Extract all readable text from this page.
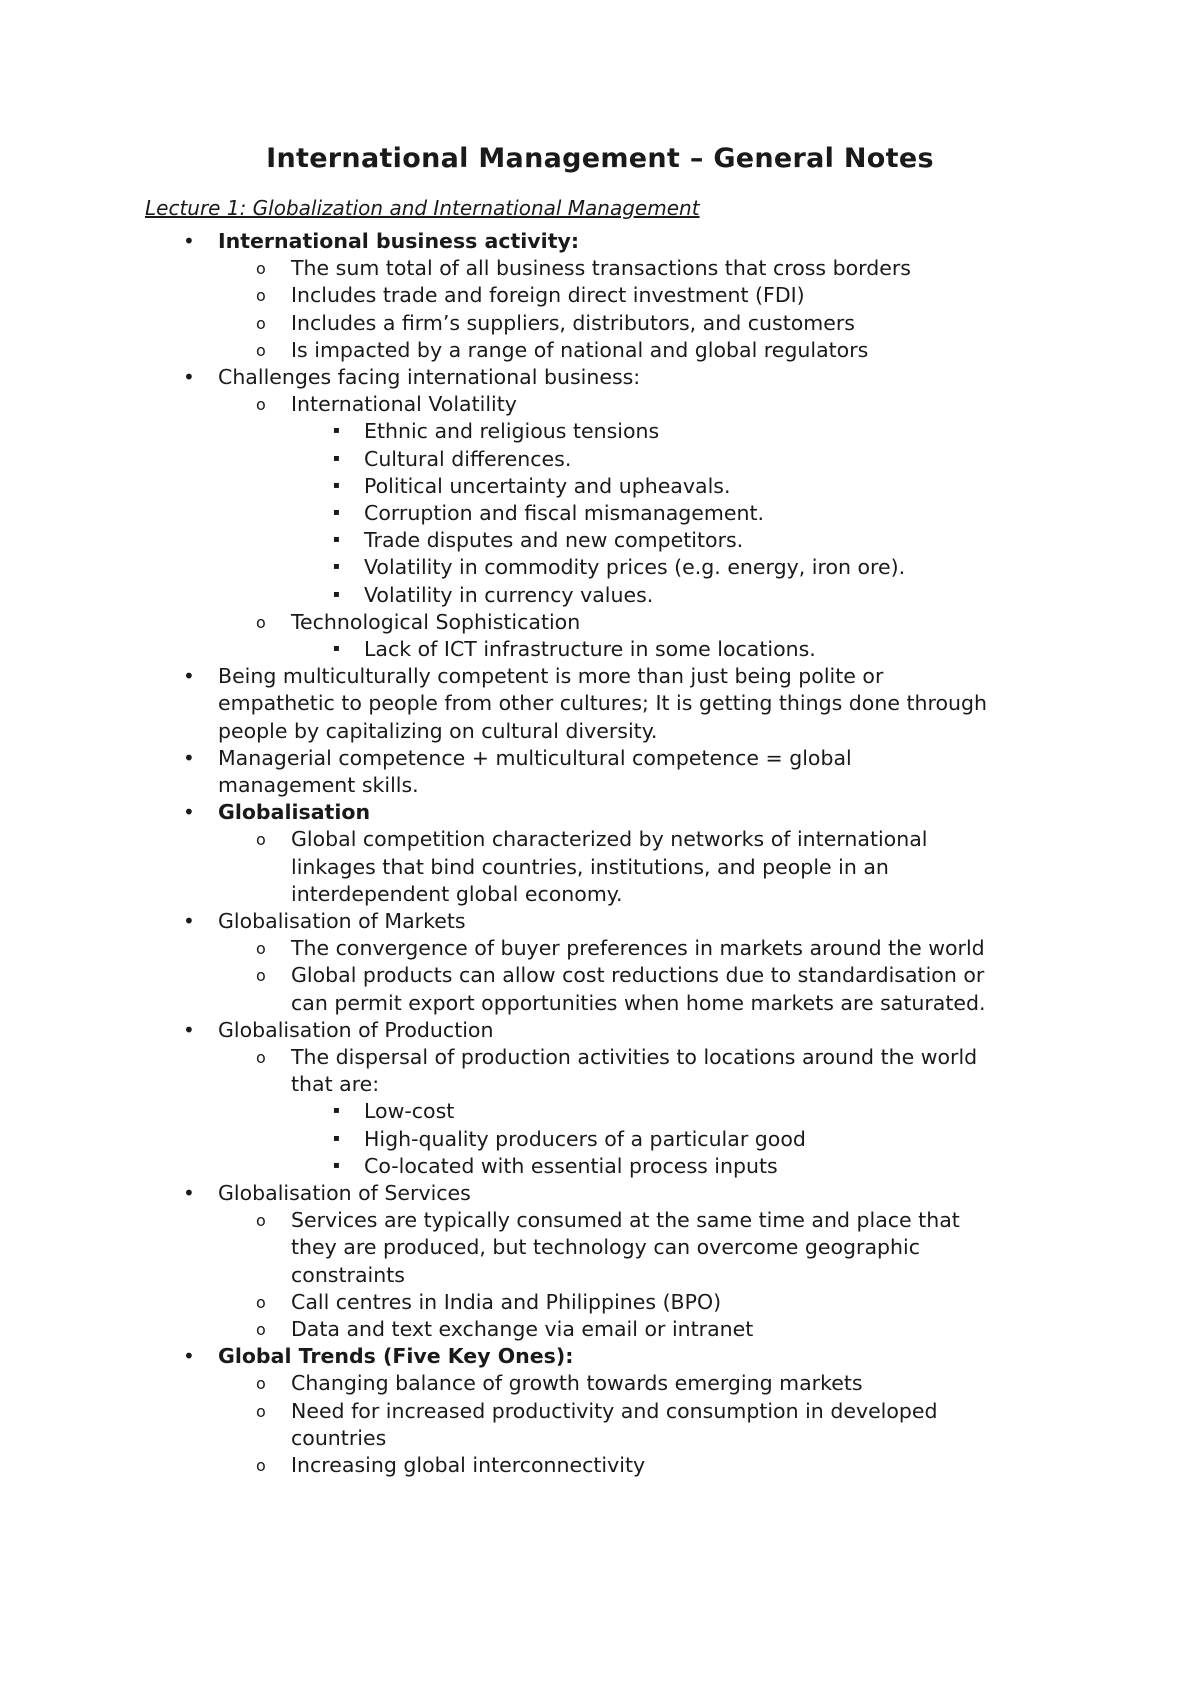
International Management – General Notes

Lecture 1: Globalization and International Management

• International business activity:
o The sum total of all business transactions that cross borders
o Includes trade and foreign direct investment (FDI)
o Includes a firm’s suppliers, distributors, and customers
o Is impacted by a range of national and global regulators
• Challenges facing international business:
o International Volatility
▪ Ethnic and religious tensions
▪ Cultural differences.
▪ Political uncertainty and upheavals.
▪ Corruption and fiscal mismanagement.
▪ Trade disputes and new competitors.
▪ Volatility in commodity prices (e.g. energy, iron ore).
▪ Volatility in currency values.
o Technological Sophistication
▪ Lack of ICT infrastructure in some locations.
• Being multiculturally competent is more than just being polite or
empathetic to people from other cultures; It is getting things done through
people by capitalizing on cultural diversity.
• Managerial competence + multicultural competence = global
management skills.
• Globalisation
o Global competition characterized by networks of international
linkages that bind countries, institutions, and people in an
interdependent global economy.
• Globalisation of Markets
o The convergence of buyer preferences in markets around the world
o Global products can allow cost reductions due to standardisation or
can permit export opportunities when home markets are saturated.
• Globalisation of Production
o The dispersal of production activities to locations around the world
that are:
▪ Low-cost
▪ High-quality producers of a particular good
▪ Co-located with essential process inputs
• Globalisation of Services
o Services are typically consumed at the same time and place that
they are produced, but technology can overcome geographic
constraints
o Call centres in India and Philippines (BPO)
o Data and text exchange via email or intranet
• Global Trends (Five Key Ones):
o Changing balance of growth towards emerging markets
o Need for increased productivity and consumption in developed
countries
o Increasing global interconnectivity
